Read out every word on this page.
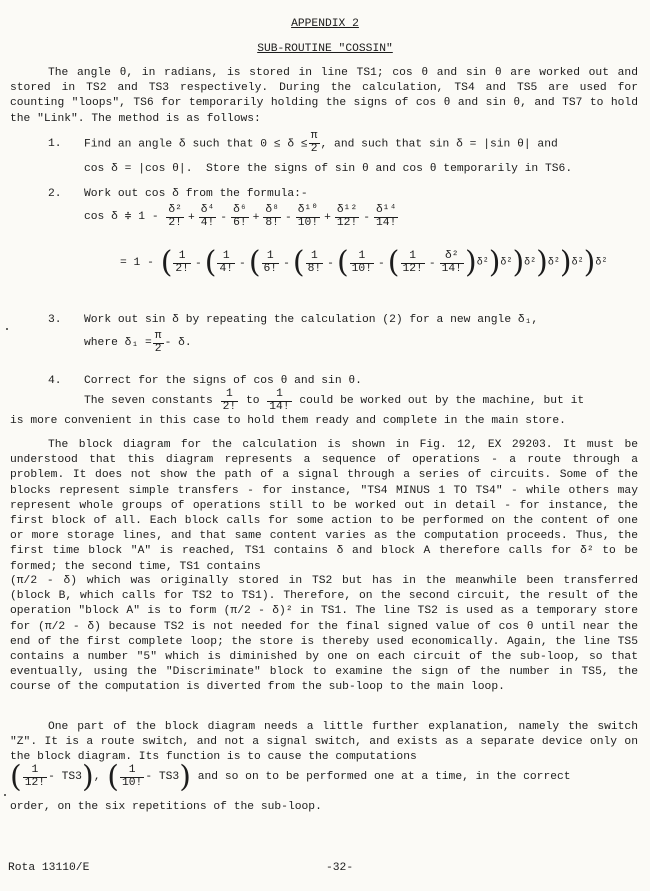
APPENDIX 2
SUB-ROUTINE "COSSIN"
The angle θ, in radians, is stored in line TS1; cos θ and sin θ are worked out and stored in TS2 and TS3 respectively. During the calculation, TS4 and TS5 are used for counting "loops", TS6 for temporarily holding the signs of cos θ and sin θ, and TS7 to hold the "Link". The method is as follows:
1. Find an angle δ such that $0 \le \delta \le \frac{\pi}{2}$ , and such that sin δ = |sin θ| and
cos δ = |cos θ|.  Store the signs of sin θ and cos θ temporarily in TS6.
2. Work out cos δ from the formula:-
cos δ ≑ $1 - \frac{\text{δ²}}{2!} + \frac{\text{δ⁴}}{4!} - \frac{\text{δ⁶}}{6!} + \frac{\text{δ⁸}}{8!} - \frac{\text{δ¹⁰}}{10!} + \frac{\text{δ¹²}}{12!} - \frac{\text{δ¹⁴}}{14!}$
= 1 - ( $\frac{1}{2!}$ - ( $\frac{1}{4!}$ - ( $\frac{1}{6!}$ - ( $\frac{1}{8!}$ - ( $\frac{1}{10!}$ - ( $\frac{1}{12!} - \frac{\text{δ²}}{14!} )\delta^2)\delta^2)\delta^2)\delta^2)\delta^2)\delta^2$
3. Work out sin δ by repeating the calculation (2) for a new angle δ₁,
where $\delta_1 = \frac{\pi}{2} - \delta$.
4. Correct for the signs of cos θ and sin θ.
The seven constants $\frac{1}{2!}$ to $\frac{1}{14!}$ could be worked out by the machine, but it
is more convenient in this case to hold them ready and complete in the main store.
The block diagram for the calculation is shown in Fig. 12, EX 29203. It must be understood that this diagram represents a sequence of operations - a route through a problem. It does not show the path of a signal through a series of circuits. Some of the blocks represent simple transfers - for instance, "TS4 MINUS 1 TO TS4" - while others may represent whole groups of operations still to be worked out in detail - for instance, the first block of all. Each block calls for some action to be performed on the content of one or more storage lines, and that same content varies as the computation proceeds. Thus, the first time block "A" is reached, TS1 contains δ and block A therefore calls for δ² to be formed; the second time, TS1 contains
(π/2 - δ) which was originally stored in TS2 but has in the meanwhile been transferred (block B, which calls for TS2 to TS1). Therefore, on the second circuit, the result of the operation "block A" is to form (π/2 - δ)² in TS1. The line TS2 is used as a temporary store for (π/2 - δ) because TS2 is not needed for the final signed value of cos θ until near the end of the first complete loop; the store is thereby used economically. Again, the line TS5 contains a number "5" which is diminished by one on each circuit of the sub-loop, so that eventually, using the "Discriminate" block to examine the sign of the number in TS5, the course of the computation is diverted from the sub-loop to the main loop.
One part of the block diagram needs a little further explanation, namely the switch "Z". It is a route switch, and not a signal switch, and exists as a separate device only on the block diagram. Its function is to cause the computations
( $\frac{1}{12!} - TS3$), ( $\frac{1}{10!} - TS3$) and so on to be performed one at a time, in the correct
order, on the six repetitions of the sub-loop.
Rota 13110/E	-32-
